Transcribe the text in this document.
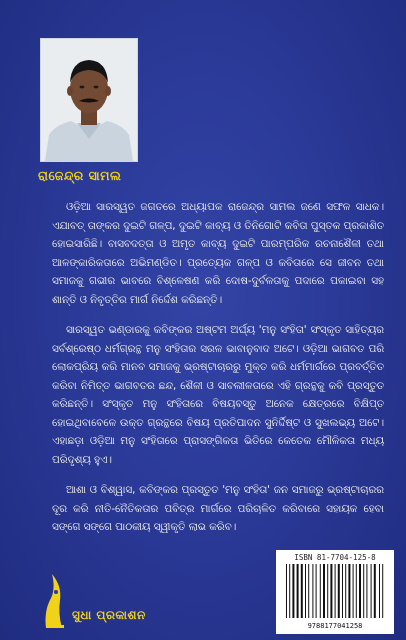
ରାଜେନ୍ଦ୍ର ସାମଲ

ଓଡ଼ିଆ ସାରସ୍ୱତ ଜଗତରେ ଅଧ୍ୟାପକ ରାଜେନ୍ଦ୍ର ସାମଲ ଜଣେ ସଫଳ ସାଧକ। ଏଯାବତ୍ ତାଙ୍କର ଦୁଇଟି ଗଳ୍ପ, ଦୁଇଟି କାବ୍ୟ ଓ ତିନିଗୋଟି କବିତା ପୁସ୍ତକ ପ୍ରକାଶିତ ହୋଇସାରିଛି। ବାସବଦତ୍ତା ଓ ଅମୃତ କାବ୍ୟ ଦୁଇଟି ପାରମ୍ପରିକ ରଚନାଶୈଳୀ ତଥା ଆଳଙ୍କାରିକତାରେ ଅଭିମଣ୍ଡିତ। ପ୍ରତ୍ୟେକ ଗଳ୍ପ ଓ କବିତାରେ ସେ ଜୀବନ ତଥା ସମାଜକୁ ଗଭୀର ଭାବରେ ବିଶ୍ଳେଷଣ କରି ଦୋଷ-ଦୁର୍ବଳତାକୁ ପଦାରେ ପକାଇବା ସହ ଶାନ୍ତି ଓ ନିବୃତ୍ତିର ମାର୍ଗ ନିର୍ଦ୍ଦେଶ କରିଛନ୍ତି।

ସାରସ୍ୱତ ଭଣ୍ଡାରକୁ କବିଙ୍କର ଅଷ୍ଟମ ଅର୍ଘ୍ୟ 'ମନୁ ସଂହିତା' ସଂସ୍କୃତ ସାହିତ୍ୟର ସର୍ବଶ୍ରେଷ୍ଠ ଧର୍ମଗ୍ରନ୍ଥ ମନୁ ସଂହିତାର ସରଳ ଭାବାନୁବାଦ ଅଟେ। ଓଡ଼ିଆ ଭାଗବତ ପରି ଲୋକପ୍ରିୟ କରି ମାନବ ସମାଜକୁ ଭ୍ରଷ୍ଟାଚାରରୁ ମୁକ୍ତ କରି ଧର୍ମମାର୍ଗରେ ପ୍ରବର୍ତ୍ତିତ କରିବା ନିମିତ୍ତ ଭାଗବତର ଛନ୍ଦ, ଶୈଳୀ ଓ ସାବଲୀଳତାରେ ଏହି ଗ୍ରନ୍ଥକୁ କବି ପ୍ରସ୍ତୁତ କରିଛନ୍ତି। ସଂସ୍କୃତ ମନୁ ସଂହିତାରେ ବିଷୟବସ୍ତୁ ଅନେକ କ୍ଷେତ୍ରରେ ବିକ୍ଷିପ୍ତ ହୋଇଥିବାବେଳେ ଉକ୍ତ ଗ୍ରନ୍ଥରେ ବିଷୟ ପ୍ରତିପାଦନ ସୁନିର୍ଦ୍ଦିଷ୍ଟ ଓ ସୁଖଲଭ୍ୟ ଅଟେ। ଏହାଛଡ଼ା ଓଡ଼ିଆ ମନୁ ସଂହିତାରେ ପ୍ରାସଙ୍ଗିକତା ଭିତିରେ କେତେକ ମୌଳିକତା ମଧ୍ୟ ପରିଦୃଶ୍ୟ ହୁଏ।

ଆଶା ଓ ବିଶ୍ୱାସ, କବିଙ୍କର ପ୍ରସ୍ତୁତ 'ମନୁ ସଂହିତା' ଜନ ସମାଜରୁ ଭ୍ରଷ୍ଟାଚାରର ଦୂର କରି ନୀତି-ନୈତିକତାର ପବିତ୍ର ମାର୍ଗରେ ପରିଚାଳିତ କରିବାରେ ସହାୟକ ହେବା ସଙ୍ଗେ ସଙ୍ଗେ ପାଠକୀୟ ସ୍ୱୀକୃତି ଲାଭ କରିବ।

ସୁଧା ପ୍ରକାଶନ
ISBN 81-7704-125-8
9788177041258
